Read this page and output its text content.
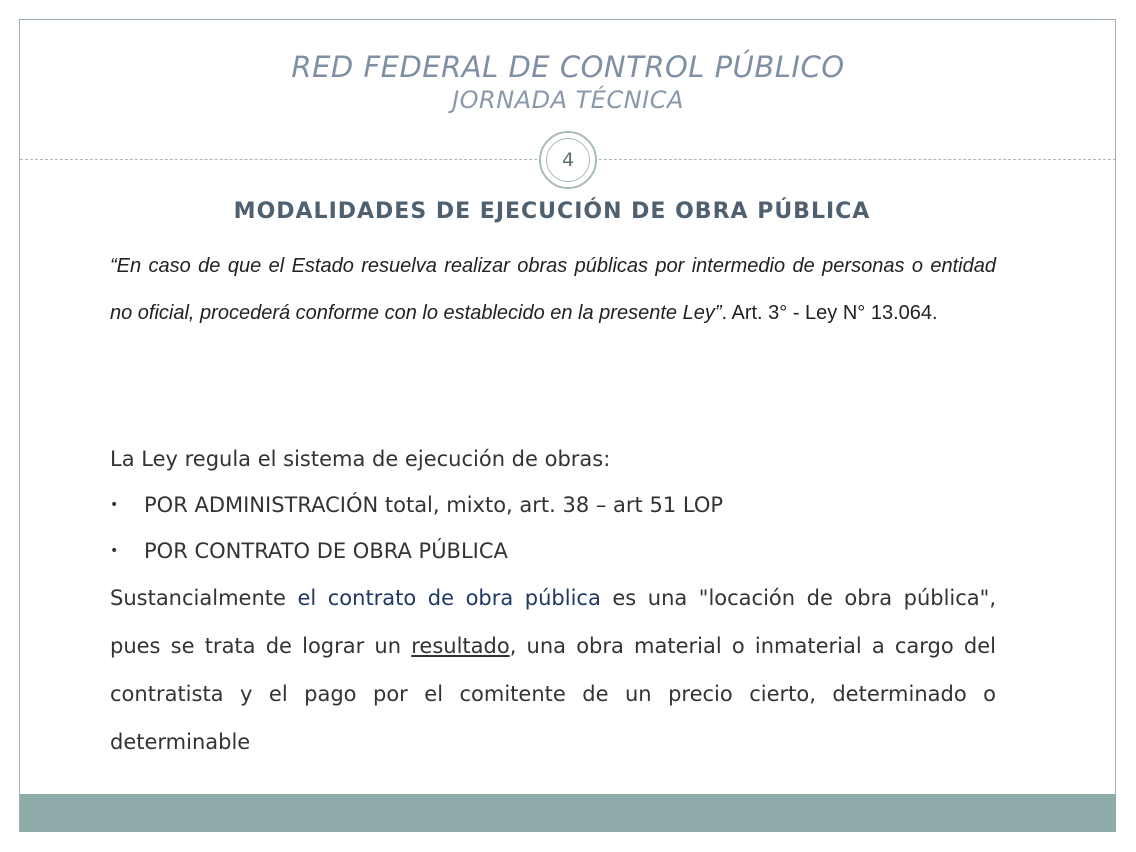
RED FEDERAL DE CONTROL PÚBLICO
JORNADA TÉCNICA
4
MODALIDADES DE EJECUCIÓN DE OBRA PÚBLICA
“En caso de que el Estado resuelva realizar obras públicas por intermedio de personas o entidad no oficial, procederá conforme con lo establecido en la presente Ley”. Art. 3° - Ley N° 13.064.
La Ley regula el sistema de ejecución de obras:
• POR ADMINISTRACIÓN total, mixto, art. 38 – art 51 LOP
• POR CONTRATO DE OBRA PÚBLICA
Sustancialmente el contrato de obra pública es una "locación de obra pública", pues se trata de lograr un resultado, una obra material o inmaterial a cargo del contratista y el pago por el comitente de un precio cierto, determinado o determinable
